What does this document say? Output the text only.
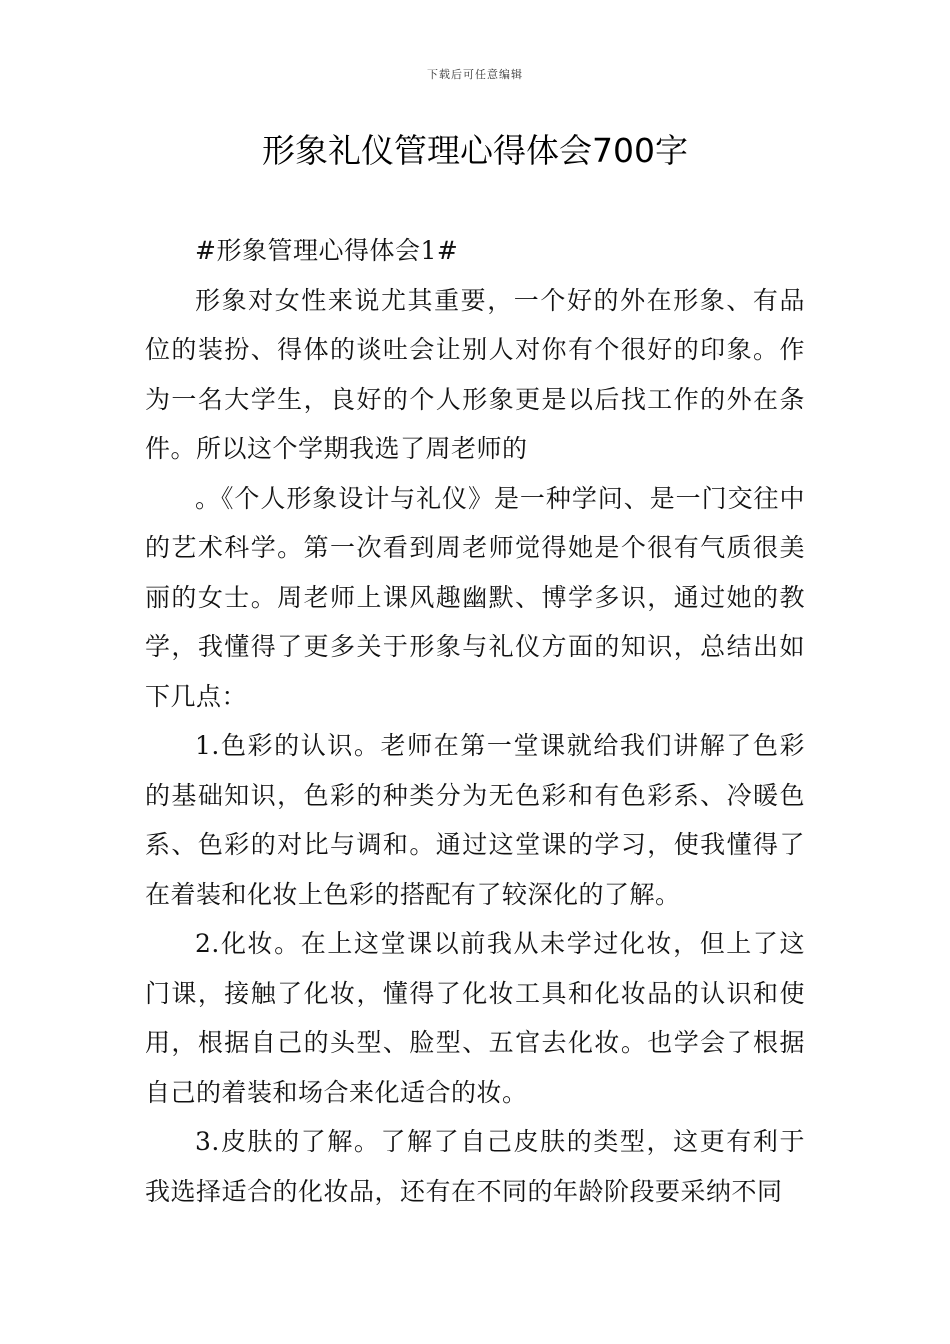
下载后可任意编辑
形象礼仪管理心得体会700字

#形象管理心得体会1#

形象对女性来说尤其重要，一个好的外在形象、有品位的装扮、得体的谈吐会让别人对你有个很好的印象。作为一名大学生，良好的个人形象更是以后找工作的外在条件。所以这个学期我选了周老师的

。《个人形象设计与礼仪》是一种学问、是一门交往中的艺术科学。第一次看到周老师觉得她是个很有气质很美丽的女士。周老师上课风趣幽默、博学多识，通过她的教学，我懂得了更多关于形象与礼仪方面的知识，总结出如下几点：

1.色彩的认识。老师在第一堂课就给我们讲解了色彩的基础知识，色彩的种类分为无色彩和有色彩系、冷暖色系、色彩的对比与调和。通过这堂课的学习，使我懂得了在着装和化妆上色彩的搭配有了较深化的了解。

2.化妆。在上这堂课以前我从未学过化妆，但上了这门课，接触了化妆，懂得了化妆工具和化妆品的认识和使用，根据自己的头型、脸型、五官去化妆。也学会了根据自己的着装和场合来化适合的妆。

3.皮肤的了解。了解了自己皮肤的类型，这更有利于我选择适合的化妆品，还有在不同的年龄阶段要采纳不同
